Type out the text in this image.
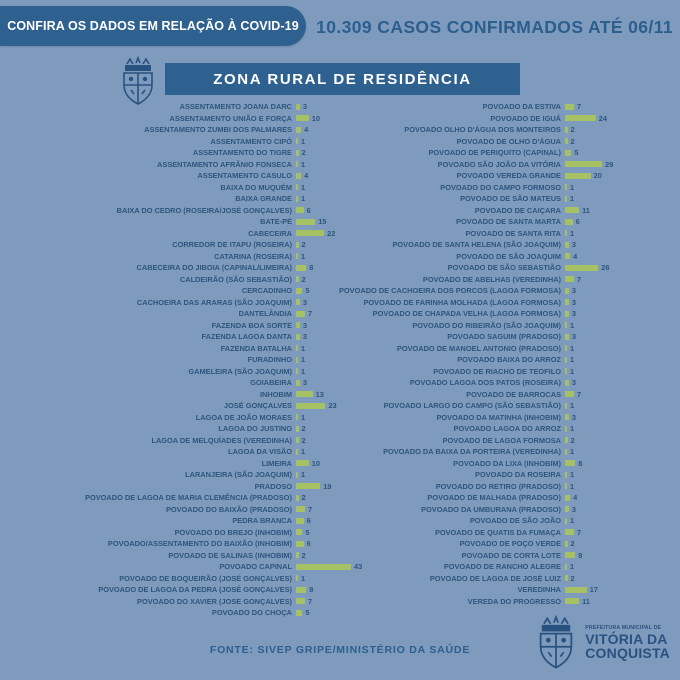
CONFIRA OS DADOS EM RELAÇÃO À COVID-19 10.309 CASOS CONFIRMADOS ATÉ 06/11
ZONA RURAL DE RESIDÊNCIA
ASSENTAMENTO JOANA DARC 3
ASSENTAMENTO UNIÃO E FORÇA	10
ASSENTAMENTO ZUMBI DOS PALMARES 4
ASSENTAMENTO CIPÓ 1
ASSENTAMENTO DO TIGRE 2
ASSENTAMENTO AFRÂNIO FONSECA 1
ASSENTAMENTO CASULO 4
BAIXA DO MUQUÉM 1
BAIXA GRANDE 1
BAIXA DO CEDRO (ROSEIRA/JOSÉ GONÇALVES) 6
BATE-PÉ	15
CABECEIRA	22
CORREDOR DE ITAPU (ROSEIRA) 2
CATARINA (ROSEIRA) 1
CABECEIRA DO JIBOIA (CAPINAL/LIMEIRA) 8
CALDEIRÃO (SÃO SEBASTIÃO) 2
CERCADINHO 5
CACHOEIRA DAS ARARAS (SÃO JOAQUIM) 3
DANTELÂNDIA 7
FAZENDA BOA SORTE 3
FAZENDA LAGOA DANTA 3
FAZENDA BATALHA 1
FURADINHO 1
GAMELEIRA (SÃO JOAQUIM) 1
GOIABEIRA 3
INHOBIM	13
JOSÉ GONÇALVES	23
LAGOA DE JOÃO MORAES 1
LAGOA DO JUSTINO 2
LAGOA DE MELQUÍADES (VEREDINHA) 2
LAGOA DA VISÃO 1
LIMEIRA	10
LARANJEIRA (SÃO JOAQUIM) 1
PRADOSO	19
POVOADO DE LAGOA DE MARIA CLEMÊNCIA (PRADOSO) 2
POVOADO DO BAIXÃO (PRADOSO) 7
PEDRA BRANCA 6
POVOADO DO BREJO (INHOBIM) 5
POVOADO/ASSENTAMENTO DO BAIXÃO (INHOBIM) 6
POVOADO DE SALINAS (INHOBIM) 2
POVOADO CAPINAL	43
POVOADO DE BOQUEIRÃO (JOSÉ GONÇALVES) 1
POVOADO DE LAGOA DA PEDRA (JOSÉ GONÇALVES) 8
POVOADO DO XAVIER (JOSE GONÇALVES) 7
POVOADO DO CHOÇA 5
POVOADO DA ESTIVA 7
POVOADO DE IGUÁ	24
POVOADO OLHO D'ÁGUA DOS MONTEIROS 2
POVOADO DE OLHO D'ÁGUA 2
POVOADO DE PERIQUITO (CAPINAL) 5
POVOADO SÃO JOÃO DA VITÓRIA	29
POVOADO VEREDA GRANDE	20
POVOADO DO CAMPO FORMOSO 1
POVOADO DE SÃO MATEUS 1
POVOADO DE CAIÇARA	11
POVOADO DE SANTA MARTA 6
POVOADO DE SANTA RITA 1
POVOADO DE SANTA HELENA (SÃO JOAQUIM) 3
POVOADO DE SÃO JOAQUIM 4
POVOADO DE SÃO SEBASTIÃO	26
POVOADO DE ABELHAS (VEREDINHA) 7
POVOADO DE CACHOEIRA DOS PORCOS (LAGOA FORMOSA) 3
POVOADO DE FARINHA MOLHADA (LAGOA FORMOSA) 3
POVOADO DE CHAPADA VELHA (LAGOA FORMOSA) 3
POVOADO DO RIBEIRÃO (SÃO JOAQUIM) 1
POVOADO SAGUIM (PRADOSO) 3
POVOADO DE MANOEL ANTONIO (PRADOSO) 1
POVOADO BAIXA DO ARROZ 1
POVOADO DE RIACHO DE TEOFILO 1
POVOADO LAGOA DOS PATOS (ROSEIRA) 3
POVOADO DE BARROCAS 7
POVOADO LARGO DO CAMPO (SÃO SEBASTIÃO) 1
POVOADO DA MATINHA (INHOBIM) 3
POVOADO LAGOA DO ARROZ 1
POVOADO DE LAGOA FORMOSA 2
POVOADO DA BAIXA DA PORTEIRA (VEREDINHA) 1
POVOADO DA LIXA (INHOBIM) 8
POVOADO DA ROSEIRA 1
POVOADO DO RETIRO (PRADOSO) 1
POVOADO DE MALHADA (PRADOSO) 4
POVOADO DA UMBURANA (PRADOSO) 3
POVOADO DE SÃO JOÃO 1
POVOADO DE QUATIS DA FUMAÇA 7
POVOADO DE POÇO VERDE 2
POVOADO DE CORTA LOTE 8
POVOADO DE RANCHO ALEGRE 1
POVOADO DE LAGOA DE JOSÉ LUIZ 2
VEREDINHA	17
VEREDA DO PROGRESSO	11
FONTE: SIVEP GRIPE/MINISTÉRIO DA SAÚDE
PREFEITURA MUNICIPAL DE
VITÓRIA DA
CONQUISTA
